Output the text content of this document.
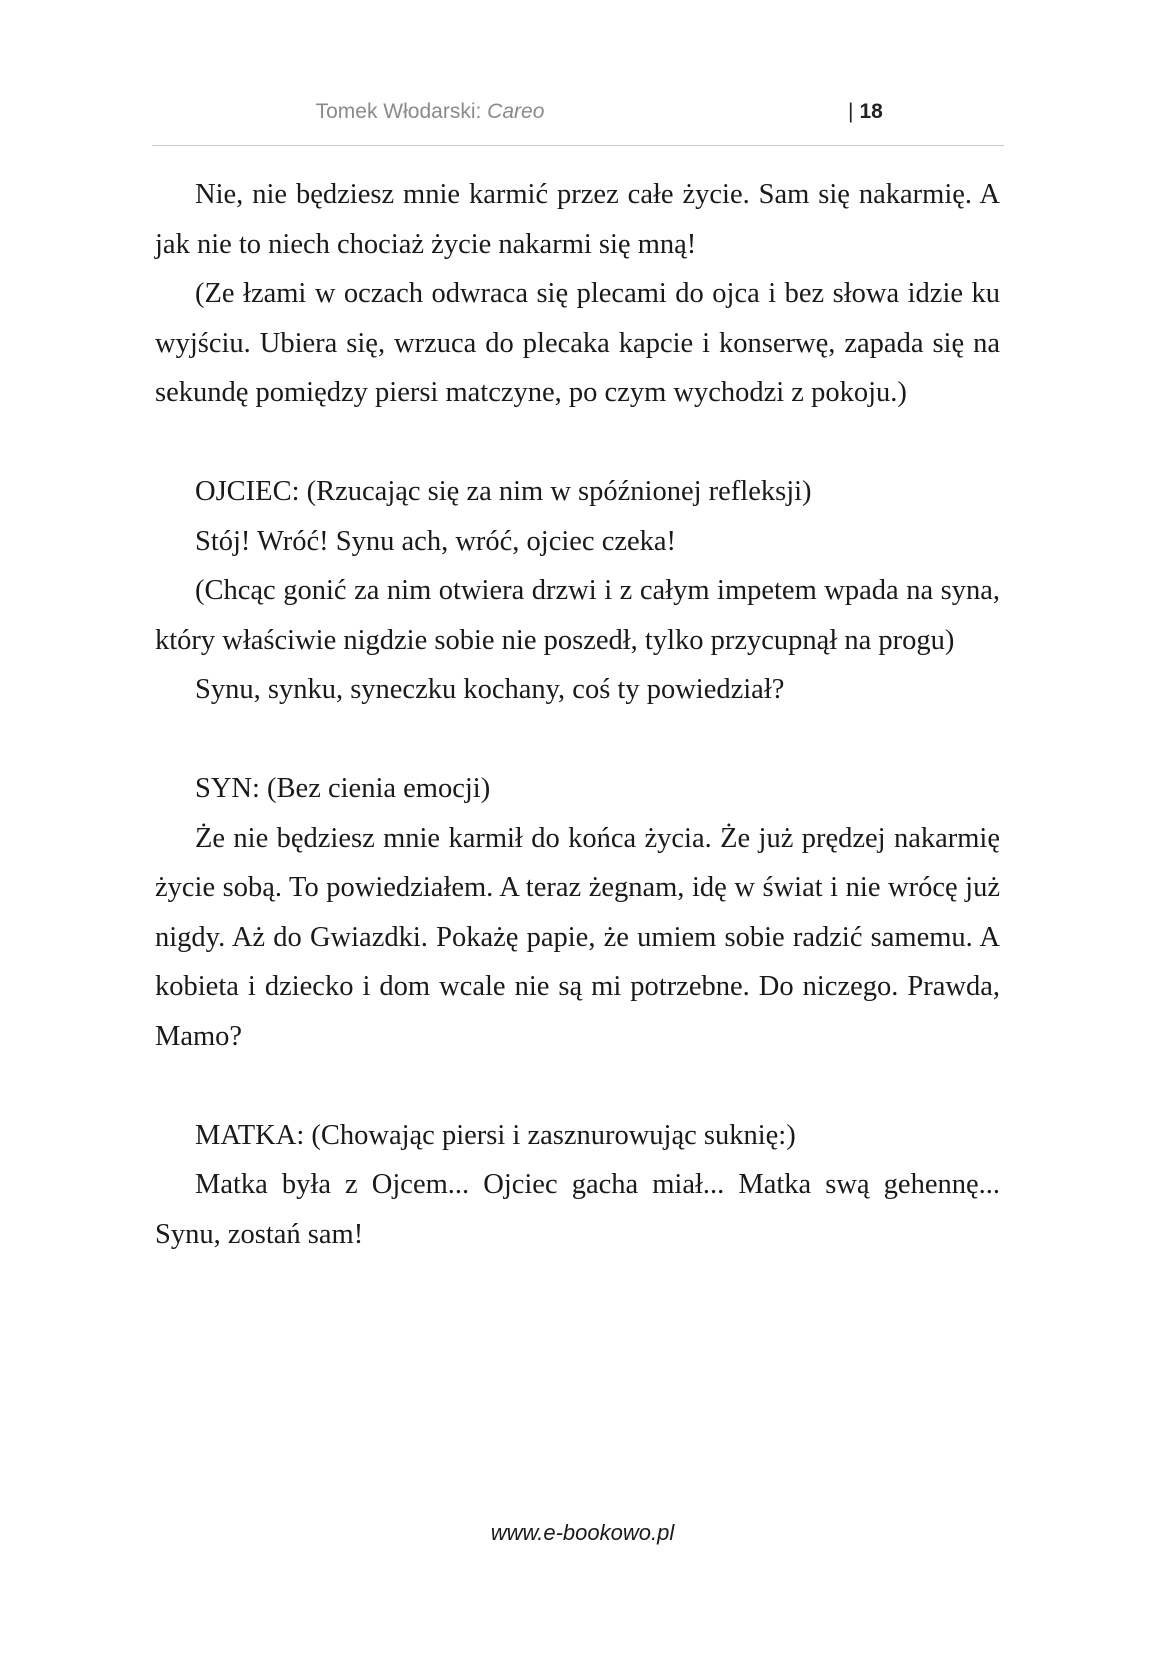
Tomek Włodarski: Careo	| 18

Nie, nie będziesz mnie karmić przez całe życie. Sam się nakarmię. A jak nie to niech chociaż życie nakarmi się mną!

(Ze łzami w oczach odwraca się plecami do ojca i bez słowa idzie ku wyjściu. Ubiera się, wrzuca do plecaka kapcie i konserwę, zapada się na sekundę pomiędzy piersi matczyne, po czym wychodzi z pokoju.)

OJCIEC: (Rzucając się za nim w spóźnionej refleksji)

Stój! Wróć! Synu ach, wróć, ojciec czeka!

(Chcąc gonić za nim otwiera drzwi i z całym impetem wpada na syna, który właściwie nigdzie sobie nie poszedł, tylko przycupnął na progu)

Synu, synku, syneczku kochany, coś ty powiedział?

SYN: (Bez cienia emocji)

Że nie będziesz mnie karmił do końca życia. Że już prędzej nakarmię życie sobą. To powiedziałem. A teraz żegnam, idę w świat i nie wrócę już nigdy. Aż do Gwiazdki. Pokażę papie, że umiem sobie radzić samemu. A kobieta i dziecko i dom wcale nie są mi potrzebne. Do niczego. Prawda, Mamo?

MATKA: (Chowając piersi i zasznurowując suknię:)

Matka była z Ojcem... Ojciec gacha miał... Matka swą gehennę... Synu, zostań sam!

www.e-bookowo.pl
